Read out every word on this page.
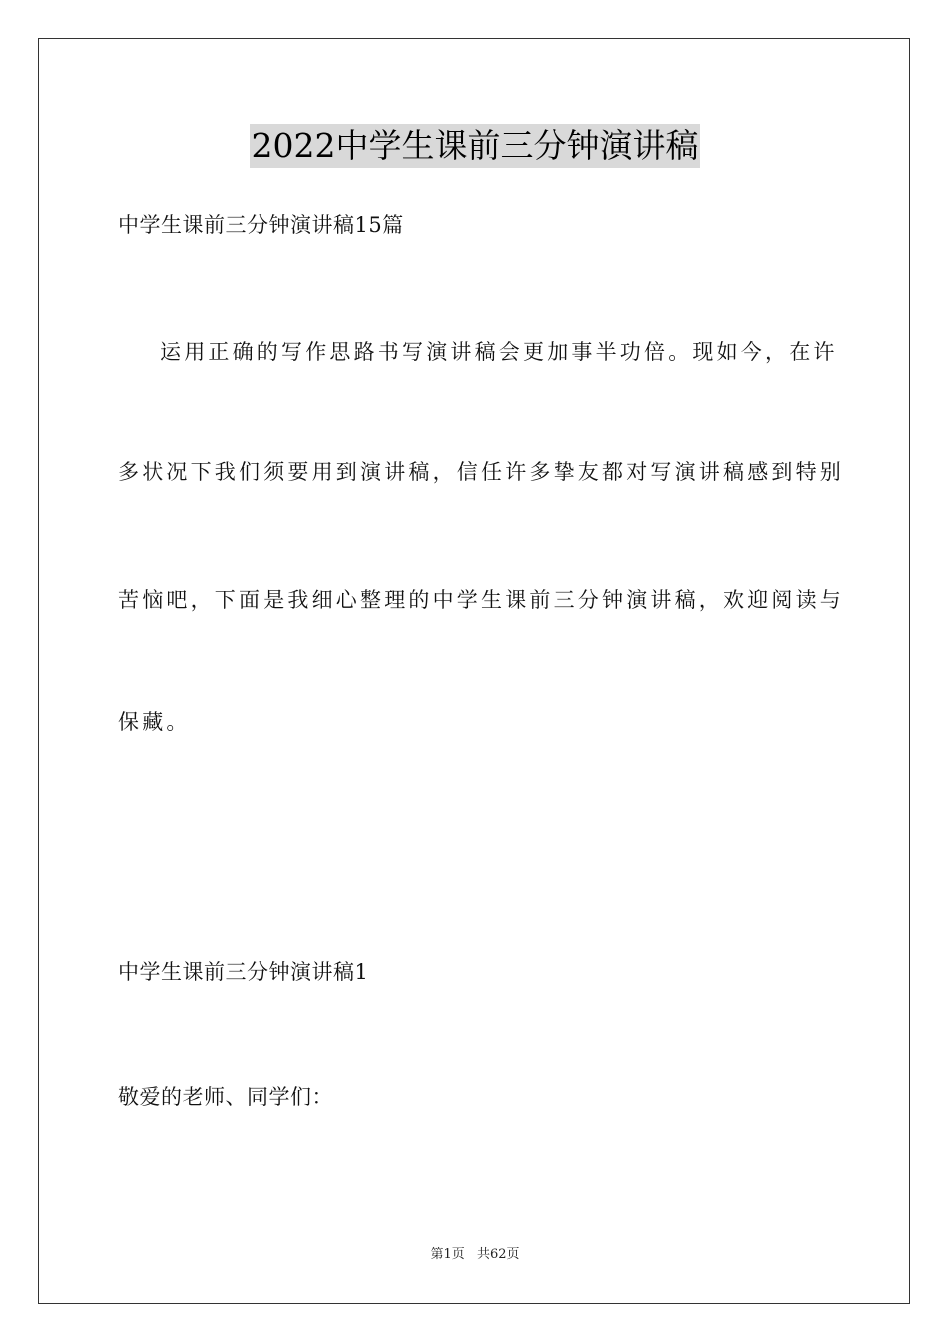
2022中学生课前三分钟演讲稿
中学生课前三分钟演讲稿15篇
运用正确的写作思路书写演讲稿会更加事半功倍。现如今，在许
多状况下我们须要用到演讲稿，信任许多挚友都对写演讲稿感到特别
苦恼吧，下面是我细心整理的中学生课前三分钟演讲稿，欢迎阅读与
保藏。
中学生课前三分钟演讲稿1
敬爱的老师、同学们：
第1页 共62页
